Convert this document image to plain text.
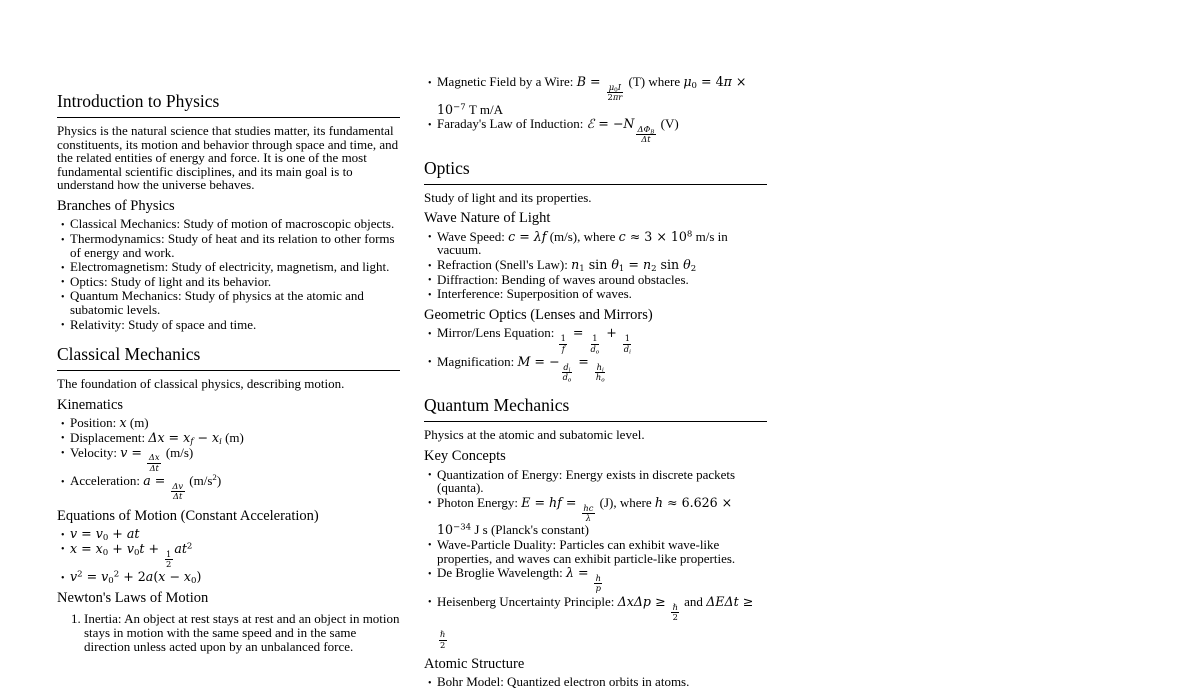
Introduction to Physics

Physics is the natural science that studies matter, its fundamental constituents, its motion and behavior through space and time, and the related entities of energy and force. It is one of the most fundamental scientific disciplines, and its main goal is to understand how the universe behaves.

Branches of Physics
• Classical Mechanics: Study of motion of macroscopic objects.
• Thermodynamics: Study of heat and its relation to other forms of energy and work.
• Electromagnetism: Study of electricity, magnetism, and light.
• Optics: Study of light and its behavior.
• Quantum Mechanics: Study of physics at the atomic and subatomic levels.
• Relativity: Study of space and time.
Classical Mechanics

The foundation of classical physics, describing motion.

Kinematics
• Position: x (m)
• Displacement: $\Delta x = x_f - x_i$ (m)
• Velocity: v =
$\frac{\Delta x}{\Delta t}$
(m/s)
• Acceleration: a =
$\frac{\Delta v}{\Delta t}$
$(m/s^2)$
Equations of Motion (Constant Acceleration)
• $v = v_0$ + at
• $x = x_0 + v_0t$ +
$\frac{1}{2}$
$at^2$
• $v^2 = v_0^2 + 2a(x - x_0)$
Newton's Laws of Motion
1. Inertia: An object at rest stays at rest and an object in motion stays in motion with the same speed and in the same direction unless acted upon by an unbalanced force.
• Magnetic Field by a Wire: B =
$\frac{\mu_0I}{2\pi r}$
(T) where $\mu_0 = 4\pi \times 10^{-7}$ T m/A
• Faraday's Law of Induction: ℰ = −N
$\frac{\Delta\Phi_B}{\Delta t}$
(V)
Optics

Study of light and its properties.

Wave Nature of Light
• Wave Speed: c = λf (m/s), where $c \approx 3 \times 10^8$ m/s in vacuum.
• Refraction (Snell's Law): $n_1$ $\sin \theta_1 = n_2$ $\sin \theta_2$
• Diffraction: Bending of waves around obstacles.
• Interference: Superposition of waves.
Geometric Optics (Lenses and Mirrors)
• Mirror/Lens Equation:
$\frac{1}{f}$
=
$\frac{1}{d_o}$
+
$\frac{1}{d_i}$
• Magnification: M = −
$\frac{d_i}{d_o}$
=
$\frac{h_i}{h_o}$
Quantum Mechanics

Physics at the atomic and subatomic level.

Key Concepts
• Quantization of Energy: Energy exists in discrete packets (quanta).
• Photon Energy: E = hf =
$\frac{hc}{\lambda}$
(J), where $h \approx 6.626 \times 10^{-34}$ J s (Planck's constant)
• Wave-Particle Duality: Particles can exhibit wave-like properties, and waves can exhibit particle-like properties.
• De Broglie Wavelength: λ =
$\frac{h}{p}$
• Heisenberg Uncertainty Principle: ΔxΔp ≥
$\frac{\text{ℏ}}{2}$
and ΔEΔt ≥
$\frac{\text{ℏ}}{2}$
Atomic Structure
• Bohr Model: Quantized electron orbits in atoms.
